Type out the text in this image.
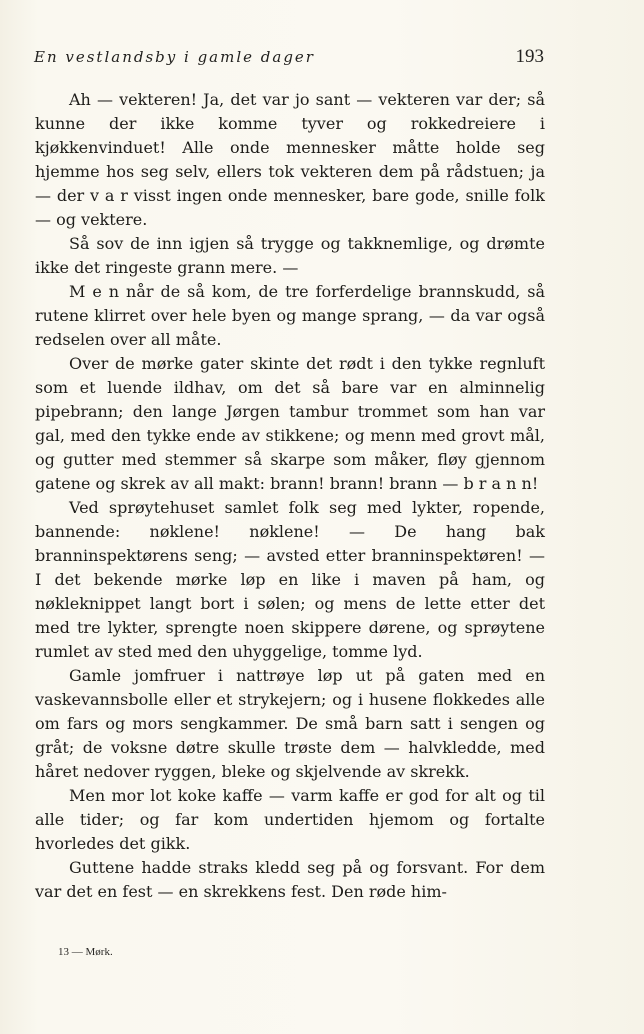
En vestlandsby i gamle dager	193

Ah — vekteren! Ja, det var jo sant — vekteren var der; så kunne der ikke komme tyver og rokkedreiere i kjøkkenvinduet! Alle onde mennesker måtte holde seg hjemme hos seg selv, ellers tok vekteren dem på rådstuen; ja — der v a r visst ingen onde mennesker, bare gode, snille folk — og vektere.

Så sov de inn igjen så trygge og takknemlige, og drømte ikke det ringeste grann mere. —

M e n når de så kom, de tre forferdelige brannskudd, så rutene klirret over hele byen og mange sprang, — da var også redselen over all måte.

Over de mørke gater skinte det rødt i den tykke regnluft som et luende ildhav, om det så bare var en alminnelig pipebrann; den lange Jørgen tambur trommet som han var gal, med den tykke ende av stikkene; og menn med grovt mål, og gutter med stemmer så skarpe som måker, fløy gjennom gatene og skrek av all makt: brann! brann! brann — b r a n n!

Ved sprøytehuset samlet folk seg med lykter, ropende, bannende: nøklene! nøklene! — De hang bak branninspektørens seng; — avsted etter branninspektøren! — I det bekende mørke løp en like i maven på ham, og nøkleknippet langt bort i sølen; og mens de lette etter det med tre lykter, sprengte noen skippere dørene, og sprøytene rumlet av sted med den uhyggelige, tomme lyd.

Gamle jomfruer i nattrøye løp ut på gaten med en vaskevannsbolle eller et strykejern; og i husene flokkedes alle om fars og mors sengkammer. De små barn satt i sengen og gråt; de voksne døtre skulle trøste dem — halvkledde, med håret nedover ryggen, bleke og skjelvende av skrekk.

Men mor lot koke kaffe — varm kaffe er god for alt og til alle tider; og far kom undertiden hjemom og fortalte hvorledes det gikk.

Guttene hadde straks kledd seg på og forsvant. For dem var det en fest — en skrekkens fest. Den røde him-

13 — Mørk.
